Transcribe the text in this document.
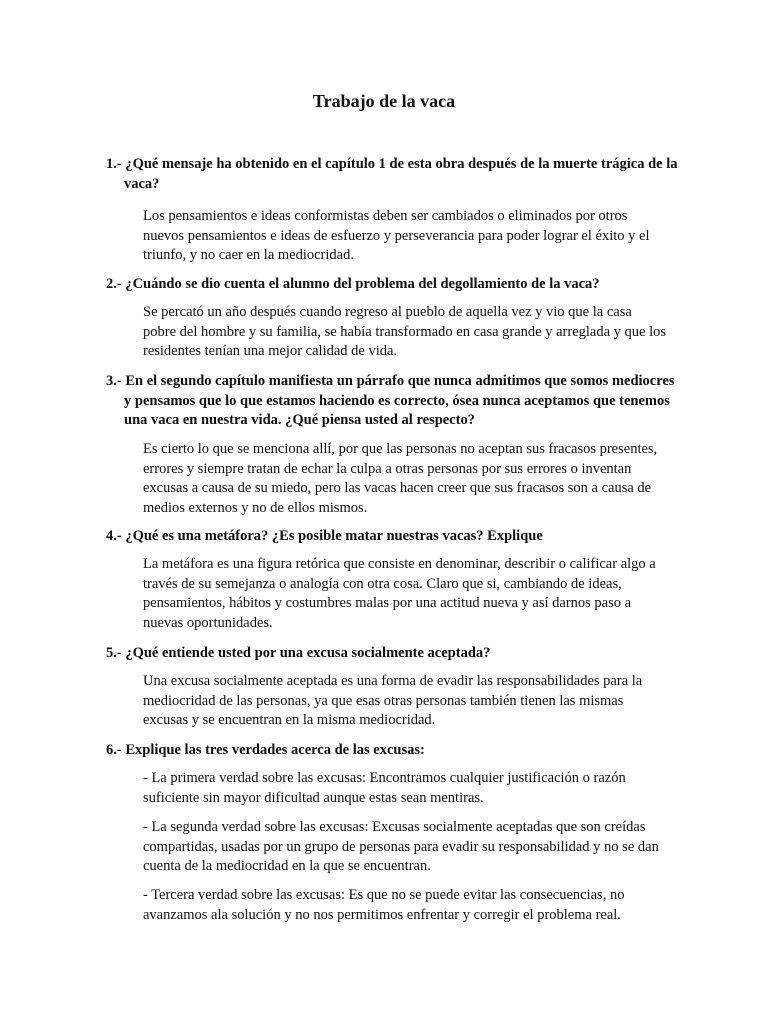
Trabajo de la vaca
1.- ¿Qué mensaje ha obtenido en el capítulo 1 de esta obra después de la muerte trágica de la vaca?
Los pensamientos e ideas conformistas deben ser cambiados o eliminados por otros nuevos pensamientos e ideas de esfuerzo y perseverancia para poder lograr el éxito y el triunfo, y no caer en la mediocridad.
2.- ¿Cuándo se dio cuenta el alumno del problema del degollamiento de la vaca?
Se percató un año después cuando regreso al pueblo de aquella vez y vio que la casa pobre del hombre y su familia, se había transformado en casa grande y arreglada y que los residentes tenían una mejor calidad de vida.
3.- En el segundo capítulo manifiesta un párrafo que nunca admitimos que somos mediocres y pensamos que lo que estamos haciendo es correcto, ósea nunca aceptamos que tenemos una vaca en nuestra vida. ¿Qué piensa usted al respecto?
Es cierto lo que se menciona allí, por que las personas no aceptan sus fracasos presentes, errores y siempre tratan de echar la culpa a otras personas por sus errores o inventan excusas a causa de su miedo, pero las vacas hacen creer que sus fracasos son a causa de medios externos y no de ellos mismos.
4.- ¿Qué es una metáfora? ¿Es posible matar nuestras vacas? Explique
La metáfora es una figura retórica que consiste en denominar, describir o calificar algo a través de su semejanza o analogía con otra cosa. Claro que si, cambiando de ideas, pensamientos, hábitos y costumbres malas por una actitud nueva y así darnos paso a nuevas oportunidades.
5.- ¿Qué entiende usted por una excusa socialmente aceptada?
Una excusa socialmente aceptada es una forma de evadir las responsabilidades para la mediocridad de las personas, ya que esas otras personas también tienen las mismas excusas y se encuentran en la misma mediocridad.
6.- Explique las tres verdades acerca de las excusas:
- La primera verdad sobre las excusas: Encontramos cualquier justificación o razón suficiente sin mayor dificultad aunque estas sean mentiras.
- La segunda verdad sobre las excusas: Excusas socialmente aceptadas que son creídas compartidas, usadas por un grupo de personas para evadir su responsabilidad y no se dan cuenta de la mediocridad en la que se encuentran.
- Tercera verdad sobre las excusas: Es que no se puede evitar las consecuencias, no avanzamos ala solución y no nos permitimos enfrentar y corregir el problema real.
